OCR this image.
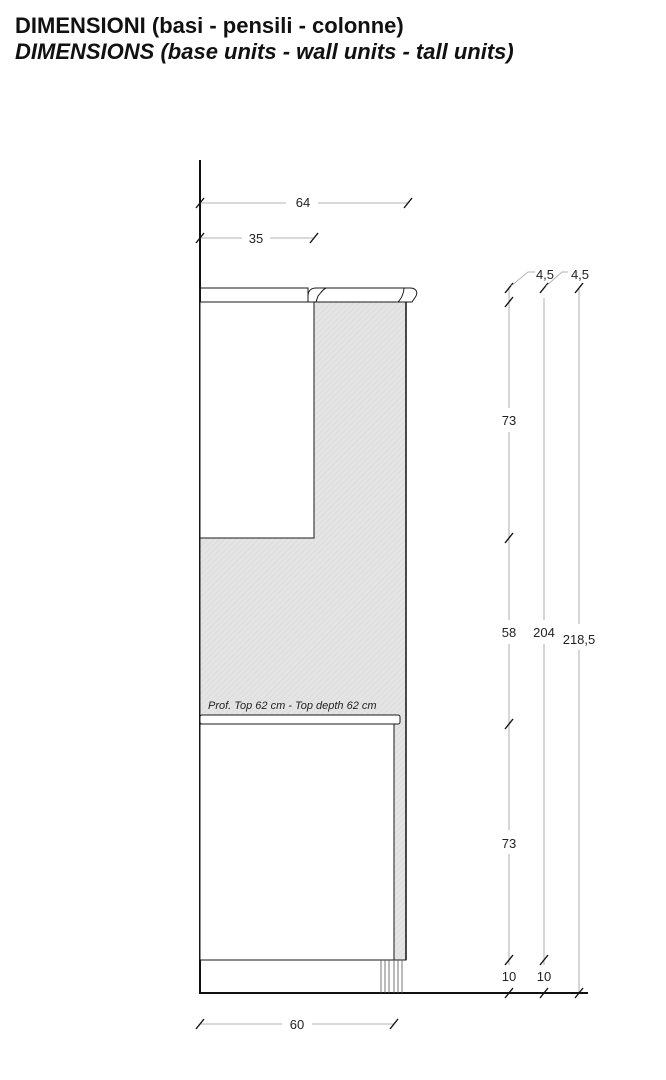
DIMENSIONI (basi - pensili - colonne)
DIMENSIONS (base units - wall units - tall units)
64
35
60
73
58
73
10
4,5
204
10
4,5
218,5
Prof. Top 62 cm - Top depth 62 cm
